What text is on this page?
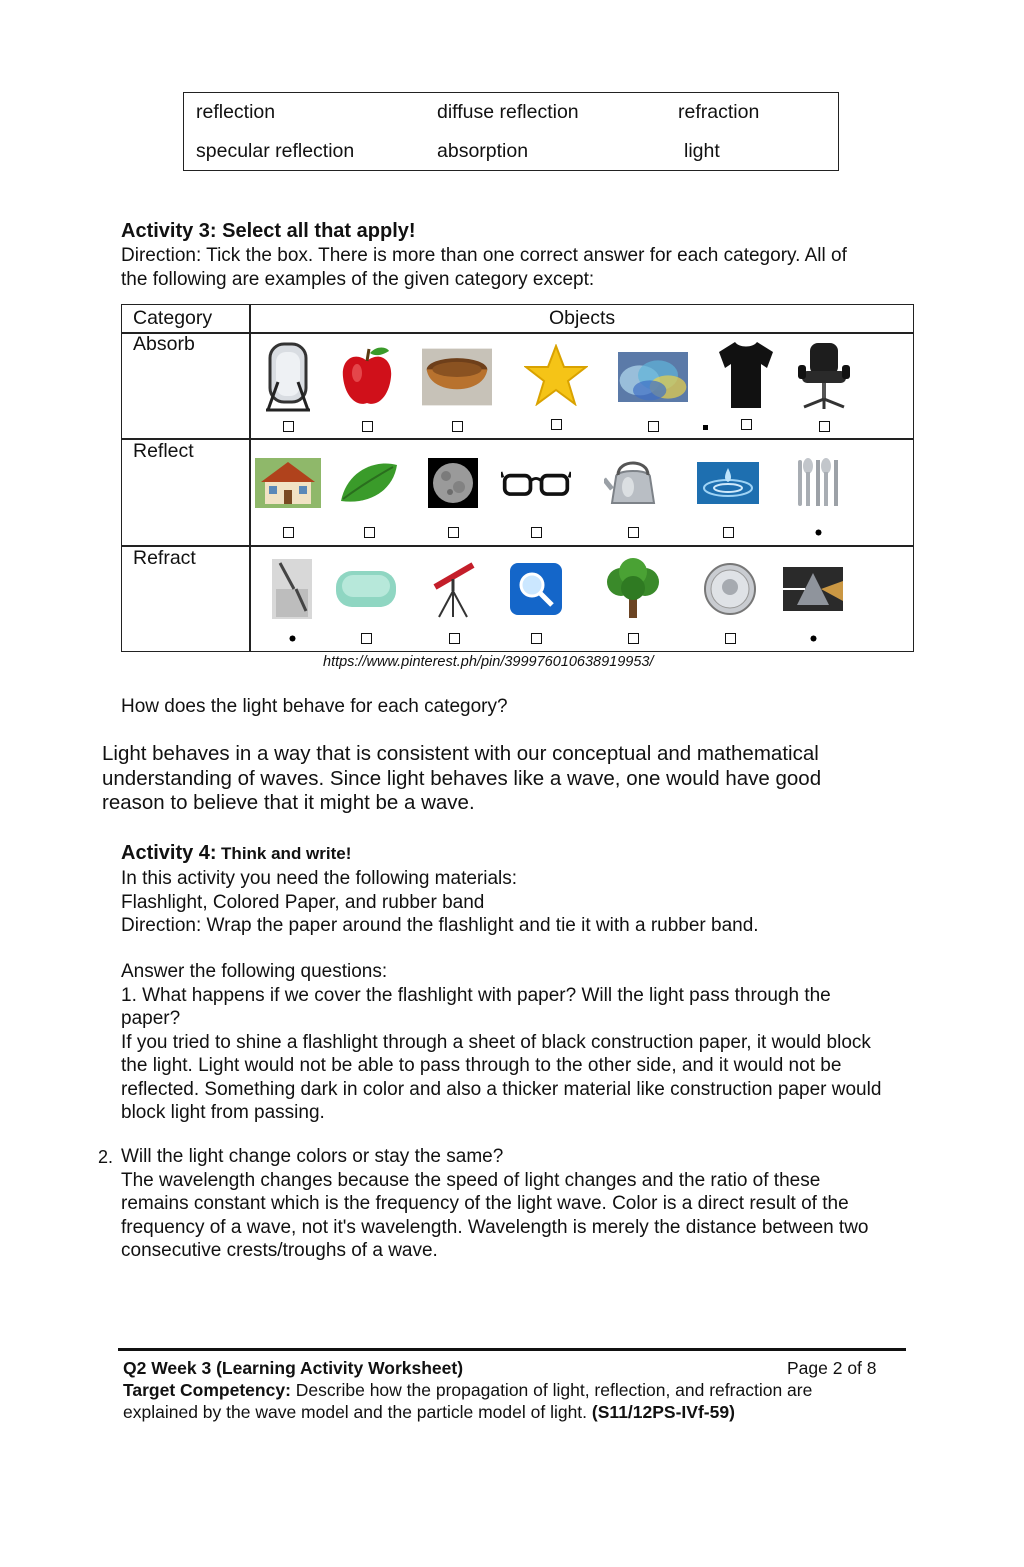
reflection	diffuse reflection	refraction
specular reflection	absorption	light
Activity 3: Select all that apply!
Direction: Tick the box. There is more than one correct answer for each category. All of
the following are examples of the given category except:
Category	Objects
Absorb
Reflect
Refract
https://www.pinterest.ph/pin/399976010638919953/
How does the light behave for each category?
Light behaves in a way that is consistent with our conceptual and mathematical
understanding of waves. Since light behaves like a wave, one would have good
reason to believe that it might be a wave.
Activity 4: Think and write!
In this activity you need the following materials:
Flashlight, Colored Paper, and rubber band
Direction: Wrap the paper around the flashlight and tie it with a rubber band.
Answer the following questions:
1. What happens if we cover the flashlight with paper? Will the light pass through the
paper?
If you tried to shine a flashlight through a sheet of black construction paper, it would block
the light. Light would not be able to pass through to the other side, and it would not be
reflected. Something dark in color and also a thicker material like construction paper would
block light from passing.
2. Will the light change colors or stay the same?
The wavelength changes because the speed of light changes and the ratio of these
remains constant which is the frequency of the light wave. Color is a direct result of the
frequency of a wave, not it's wavelength. Wavelength is merely the distance between two
consecutive crests/troughs of a wave.
Q2 Week 3 (Learning Activity Worksheet)	Page 2 of 8
Target Competency: Describe how the propagation of light, reflection, and refraction are
explained by the wave model and the particle model of light. (S11/12PS-IVf-59)
